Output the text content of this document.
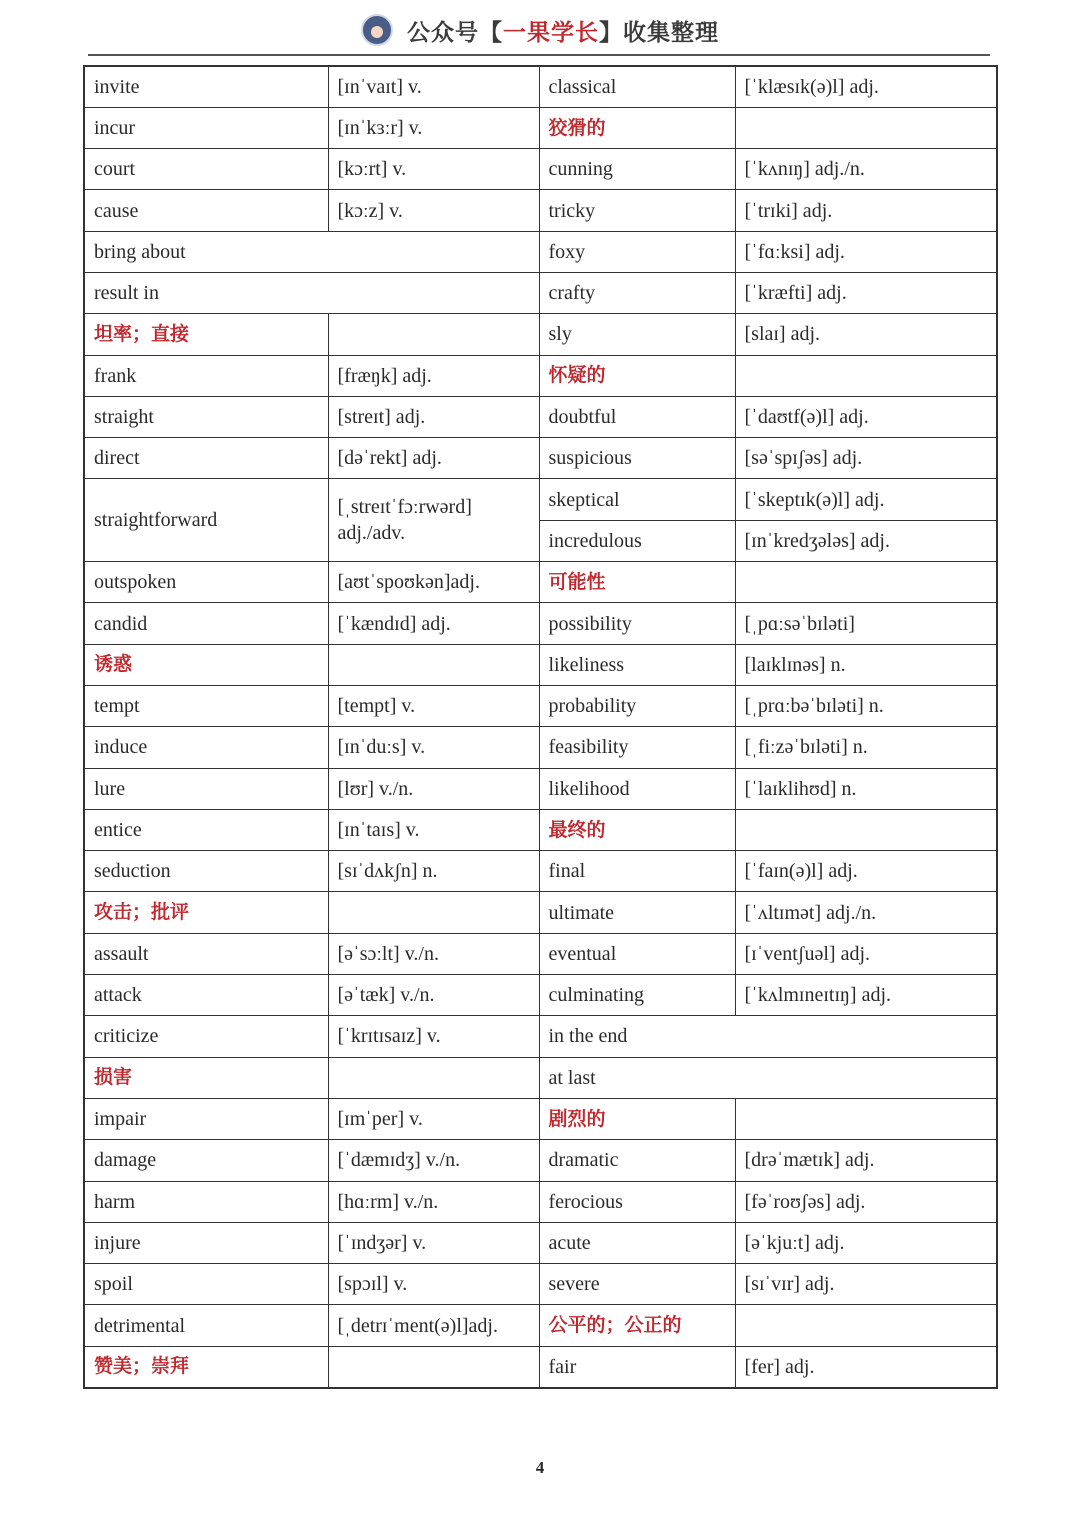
公众号【一果学长】收集整理
invite	[ɪnˈvaɪt] v.	classical	[ˈklæsɪk(ə)l] adj.
incur	[ɪnˈkɜːr] v.	狡猾的	
court	[kɔːrt] v.	cunning	[ˈkʌnɪŋ] adj./n.
cause	[kɔːz] v.	tricky	[ˈtrɪki] adj.
bring about		foxy	[ˈfɑːksi] adj.
result in		crafty	[ˈkræfti] adj.
坦率；直接		sly	[slaɪ] adj.
frank	[fræŋk] adj.	怀疑的	
straight	[streɪt] adj.	doubtful	[ˈdaʊtf(ə)l] adj.
direct	[dəˈrekt] adj.	suspicious	[səˈspɪʃəs] adj.
straightforward	[ˌstreɪtˈfɔːrwərd] adj./adv.	skeptical	[ˈskeptɪk(ə)l] adj.
		incredulous	[ɪnˈkredʒələs] adj.
outspoken	[aʊtˈspoʊkən]adj.	可能性	
candid	[ˈkændɪd] adj.	possibility	[ˌpɑːsəˈbɪləti]
诱惑		likeliness	[laɪklɪnəs] n.
tempt	[tempt] v.	probability	[ˌprɑːbəˈbɪləti] n.
induce	[ɪnˈduːs] v.	feasibility	[ˌfiːzəˈbɪləti] n.
lure	[lʊr] v./n.	likelihood	[ˈlaɪklihʊd] n.
entice	[ɪnˈtaɪs] v.	最终的	
seduction	[sɪˈdʌkʃn] n.	final	[ˈfaɪn(ə)l] adj.
攻击；批评		ultimate	[ˈʌltɪmət] adj./n.
assault	[əˈsɔːlt] v./n.	eventual	[ɪˈventʃuəl] adj.
attack	[əˈtæk] v./n.	culminating	[ˈkʌlmɪneɪtɪŋ] adj.
criticize	[ˈkrɪtɪsaɪz] v.	in the end	
损害		at last	
impair	[ɪmˈper] v.	剧烈的	
damage	[ˈdæmɪdʒ] v./n.	dramatic	[drəˈmætɪk] adj.
harm	[hɑːrm] v./n.	ferocious	[fəˈroʊʃəs] adj.
injure	[ˈɪndʒər] v.	acute	[əˈkjuːt] adj.
spoil	[spɔɪl] v.	severe	[sɪˈvɪr] adj.
detrimental	[ˌdetrɪˈment(ə)l]adj.	公平的；公正的	
赞美；崇拜		fair	[fer] adj.
4
